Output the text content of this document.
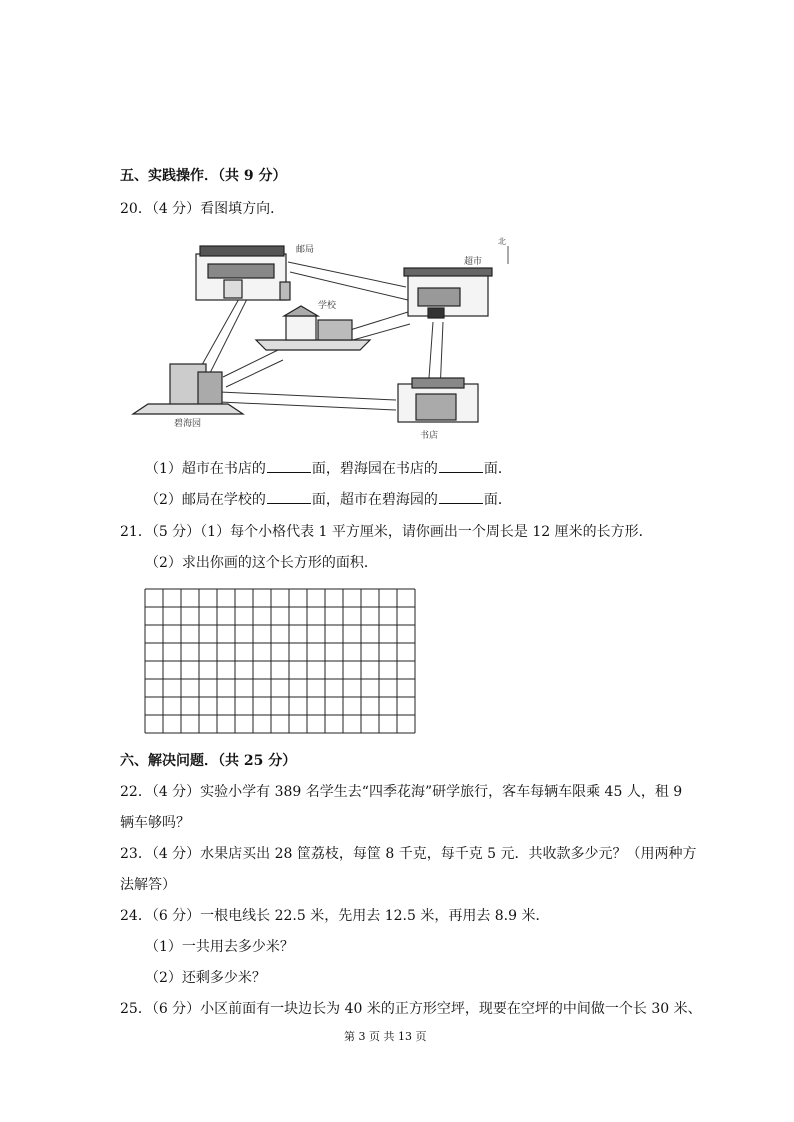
五、实践操作．（共 9 分）
20．（4 分）看图填方向．
邮局
超市
北
学校
碧海园
书店
（1）超市在书店的	面，碧海园在书店的	面．
（2）邮局在学校的	面，超市在碧海园的	面．
21．（5 分）（1）每个小格代表 1 平方厘米，请你画出一个周长是 12 厘米的长方形．
（2）求出你画的这个长方形的面积．
六、解决问题．（共 25 分）
22．（4 分）实验小学有 389 名学生去“四季花海”研学旅行，客车每辆车限乘 45 人，租 9
辆车够吗？
23．（4 分）水果店买出 28 筐荔枝，每筐 8 千克，每千克 5 元．共收款多少元？（用两种方
法解答）
24．（6 分）一根电线长 22.5 米，先用去 12.5 米，再用去 8.9 米．
（1）一共用去多少米？
（2）还剩多少米？
25．（6 分）小区前面有一块边长为 40 米的正方形空坪，现要在空坪的中间做一个长 30 米、
第 3 页 共 13 页
